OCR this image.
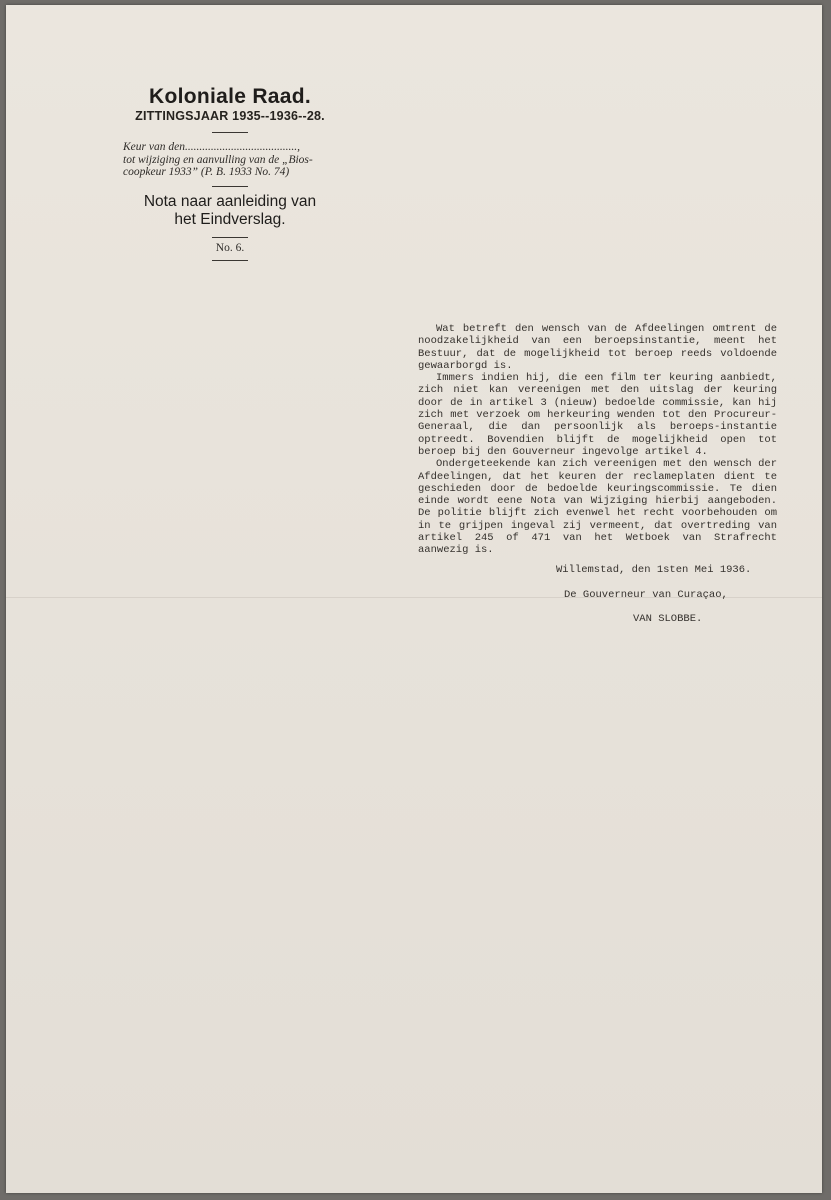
Koloniale Raad.
ZITTINGSJAAR 1935--1936--28.
Keur van den.......................................,
tot wijziging en aanvulling van de „Bios-
coopkeur 1933” (P. B. 1933 No. 74)
Nota naar aanleiding van
het Eindverslag.
No. 6.

Wat betreft den wensch van de Afdeelingen omtrent de noodzakelijkheid van een beroepsinstantie, meent het Bestuur, dat de mogelijkheid tot beroep reeds voldoende gewaarborgd is.

Immers indien hij, die een film ter keuring aanbiedt, zich niet kan vereenigen met den uitslag der keuring door de in artikel 3 (nieuw) bedoelde commissie, kan hij zich met verzoek om herkeuring wenden tot den Procureur-Generaal, die dan persoonlijk als beroeps-instantie optreedt. Bovendien blijft de mogelijkheid open tot beroep bij den Gouverneur ingevolge artikel 4.

Ondergeteekende kan zich vereenigen met den wensch der Afdeelingen, dat het keuren der reclameplaten dient te geschieden door de bedoelde keuringscommissie. Te dien einde wordt eene Nota van Wijziging hierbij aangeboden. De politie blijft zich evenwel het recht voorbehouden om in te grijpen ingeval zij vermeent, dat overtreding van artikel 245 of 471 van het Wetboek van Strafrecht aanwezig is.

Willemstad, den 1sten Mei 1936.
De Gouverneur van Curaçao,
VAN SLOBBE.
